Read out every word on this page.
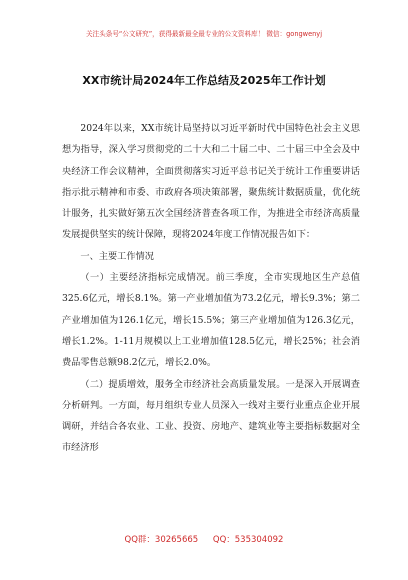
关注头条号“公文研究”，获得最新最全最专业的公文资料库！ 微信：gongwenyj
XX市统计局2024年工作总结及2025年工作计划

2024年以来，XX市统计局坚持以习近平新时代中国特色社会主义思想为指导，深入学习贯彻党的二十大和二十届二中、二十届三中全会及中央经济工作会议精神，全面贯彻落实习近平总书记关于统计工作重要讲话指示批示精神和市委、市政府各项决策部署，聚焦统计数据质量，优化统计服务，扎实做好第五次全国经济普查各项工作，为推进全市经济高质量发展提供坚实的统计保障，现将2024年度工作情况报告如下：

一、主要工作情况

（一）主要经济指标完成情况。前三季度，全市实现地区生产总值325.6亿元，增长8.1%。第一产业增加值为73.2亿元，增长9.3%；第二产业增加值为126.1亿元，增长15.5%；第三产业增加值为126.3亿元，增长1.2%。1-11月规模以上工业增加值128.5亿元，增长25%；社会消费品零售总额98.2亿元，增长2.0%。

（二）提质增效，服务全市经济社会高质量发展。一是深入开展调查分析研判。一方面，每月组织专业人员深入一线对主要行业重点企业开展调研，并结合各农业、工业、投资、房地产、建筑业等主要指标数据对全市经济形

QQ群：30265665 QQ：535304092
